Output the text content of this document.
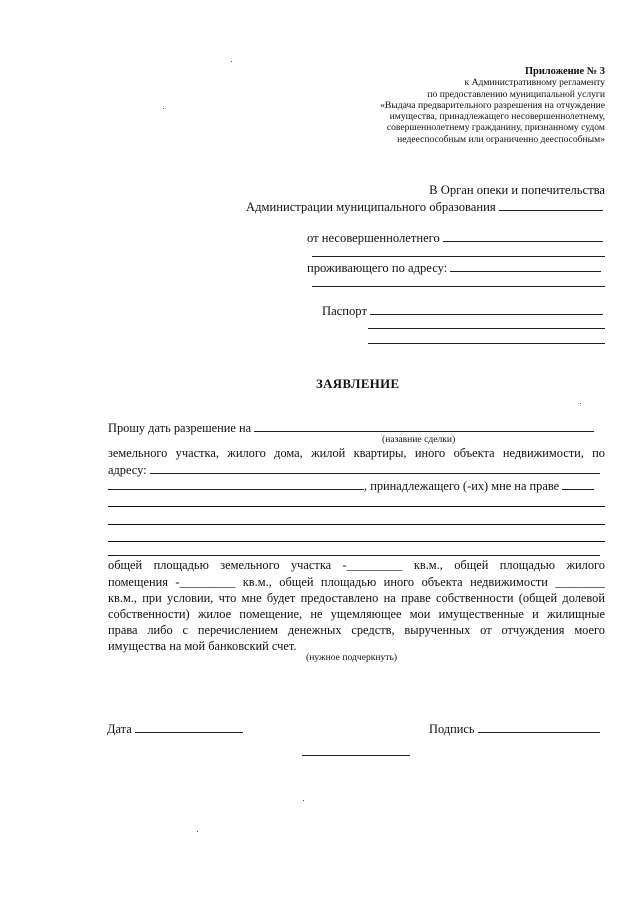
Приложение № 3
к Административному регламенту
по предоставлению муниципальной услуги
«Выдача предварительного разрешения на отчуждение
имущества, принадлежащего несовершеннолетнему,
совершеннолетнему гражданину, признанному судом
недееспособным или ограниченно дееспособным»
В Орган опеки и попечительства
Администрации муниципального образования
от несовершеннолетнего
проживающего по адресу:
Паспорт
ЗАЯВЛЕНИЕ
Прошу дать разрешение на
(назавние сделки)
земельного участка, жилого дома, жилой квартиры, иного объекта недвижимости, по
адресу:
, принадлежащего (-их) мне на праве
общей площадью земельного участка -_________ кв.м., общей площадью жилого
помещения -_________ кв.м., общей площадью иного объекта недвижимости ________
кв.м., при условии, что мне будет предоставлено на праве собственности (общей долевой
собственности) жилое помещение, не ущемляющее мои имущественные и жилищные
права либо с перечислением денежных средств, вырученных от отчуждения моего
имущества на мой банковский счет.
(нужное подчеркнуть)
Дата	Подпись
